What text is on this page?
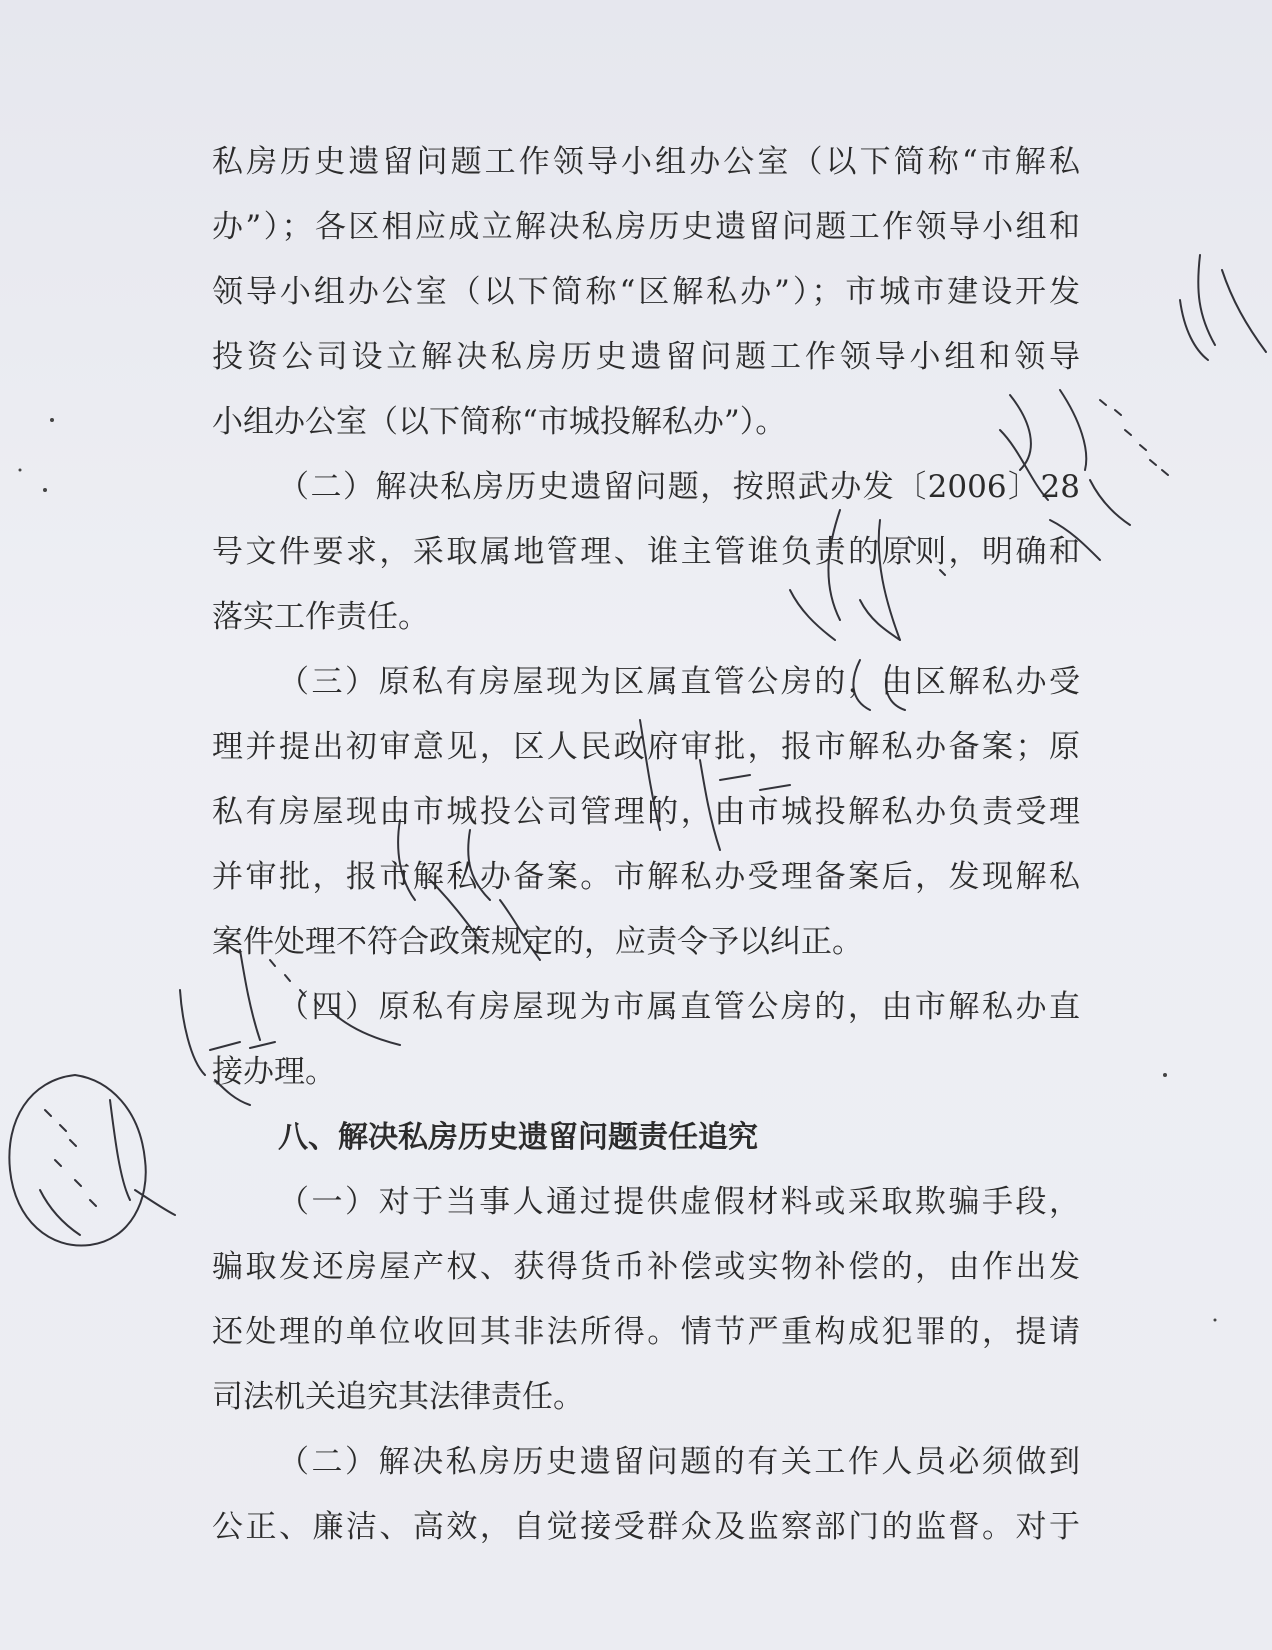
私房历史遗留问题工作领导小组办公室（以下简称“市解私
办”）；各区相应成立解决私房历史遗留问题工作领导小组和
领导小组办公室（以下简称“区解私办”）；市城市建设开发
投资公司设立解决私房历史遗留问题工作领导小组和领导
小组办公室（以下简称“市城投解私办”）。
（二）解决私房历史遗留问题，按照武办发〔2006〕28
号文件要求，采取属地管理、谁主管谁负责的原则，明确和
落实工作责任。
（三）原私有房屋现为区属直管公房的，由区解私办受
理并提出初审意见，区人民政府审批，报市解私办备案；原
私有房屋现由市城投公司管理的，由市城投解私办负责受理
并审批，报市解私办备案。市解私办受理备案后，发现解私
案件处理不符合政策规定的，应责令予以纠正。
（四）原私有房屋现为市属直管公房的，由市解私办直
接办理。
八、解决私房历史遗留问题责任追究
（一）对于当事人通过提供虚假材料或采取欺骗手段，
骗取发还房屋产权、获得货币补偿或实物补偿的，由作出发
还处理的单位收回其非法所得。情节严重构成犯罪的，提请
司法机关追究其法律责任。
（二）解决私房历史遗留问题的有关工作人员必须做到
公正、廉洁、高效，自觉接受群众及监察部门的监督。对于
